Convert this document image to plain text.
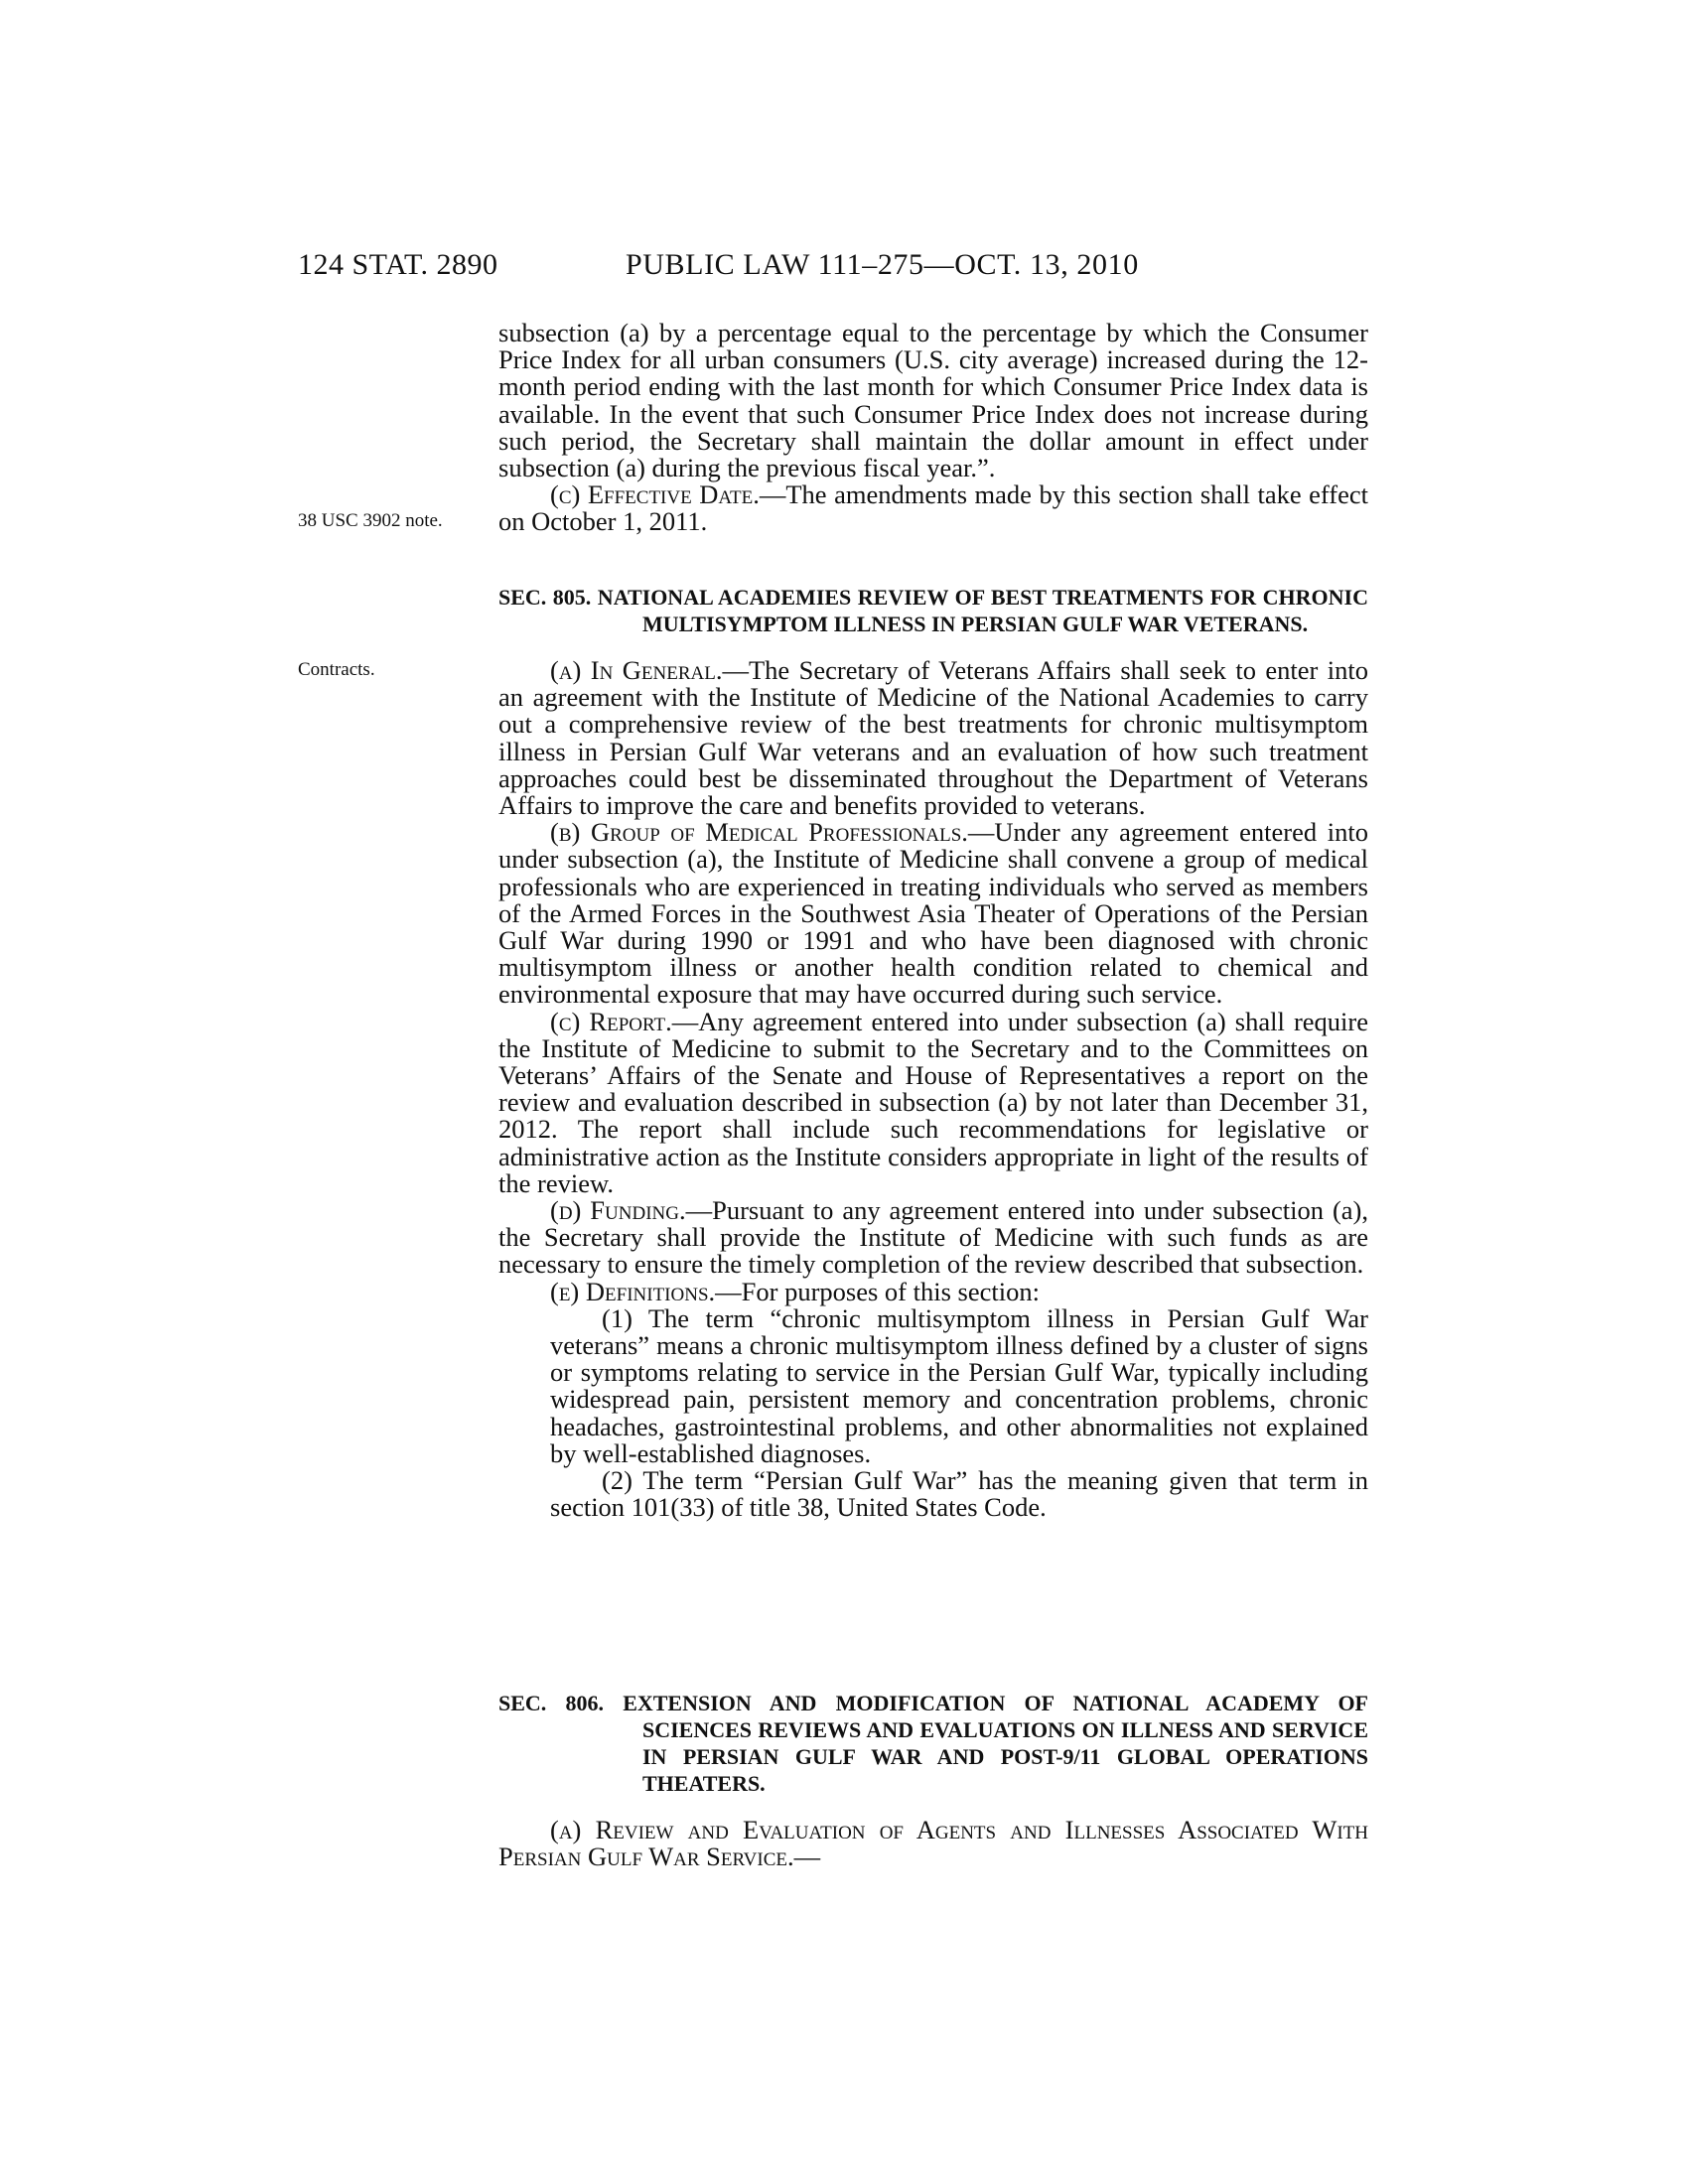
124 STAT. 2890	PUBLIC LAW 111–275—OCT. 13, 2010
38 USC 3902 note.
Contracts.

subsection (a) by a percentage equal to the percentage by which the Consumer Price Index for all urban consumers (U.S. city average) increased during the 12-month period ending with the last month for which Consumer Price Index data is available. In the event that such Consumer Price Index does not increase during such period, the Secretary shall maintain the dollar amount in effect under subsection (a) during the previous fiscal year.”.

(c) Effective Date.—The amendments made by this section shall take effect on October 1, 2011.

SEC. 805. NATIONAL ACADEMIES REVIEW OF BEST TREATMENTS FOR CHRONIC MULTISYMPTOM ILLNESS IN PERSIAN GULF WAR VETERANS.

(a) In General.—The Secretary of Veterans Affairs shall seek to enter into an agreement with the Institute of Medicine of the National Academies to carry out a comprehensive review of the best treatments for chronic multisymptom illness in Persian Gulf War veterans and an evaluation of how such treatment approaches could best be disseminated throughout the Department of Veterans Affairs to improve the care and benefits provided to veterans.

(b) Group of Medical Professionals.—Under any agreement entered into under subsection (a), the Institute of Medicine shall convene a group of medical professionals who are experienced in treating individuals who served as members of the Armed Forces in the Southwest Asia Theater of Operations of the Persian Gulf War during 1990 or 1991 and who have been diagnosed with chronic multisymptom illness or another health condition related to chemical and environmental exposure that may have occurred during such service.

(c) Report.—Any agreement entered into under subsection (a) shall require the Institute of Medicine to submit to the Secretary and to the Committees on Veterans’ Affairs of the Senate and House of Representatives a report on the review and evaluation described in subsection (a) by not later than December 31, 2012. The report shall include such recommendations for legislative or administrative action as the Institute considers appropriate in light of the results of the review.

(d) Funding.—Pursuant to any agreement entered into under subsection (a), the Secretary shall provide the Institute of Medicine with such funds as are necessary to ensure the timely completion of the review described that subsection.

(e) Definitions.—For purposes of this section:

(1) The term “chronic multisymptom illness in Persian Gulf War veterans” means a chronic multisymptom illness defined by a cluster of signs or symptoms relating to service in the Persian Gulf War, typically including widespread pain, persistent memory and concentration problems, chronic headaches, gastrointestinal problems, and other abnormalities not explained by well-established diagnoses.

(2) The term “Persian Gulf War” has the meaning given that term in section 101(33) of title 38, United States Code.

SEC. 806. EXTENSION AND MODIFICATION OF NATIONAL ACADEMY OF SCIENCES REVIEWS AND EVALUATIONS ON ILLNESS AND SERVICE IN PERSIAN GULF WAR AND POST-9/11 GLOBAL OPERATIONS THEATERS.

(a) Review and Evaluation of Agents and Illnesses Associated With Persian Gulf War Service.—
